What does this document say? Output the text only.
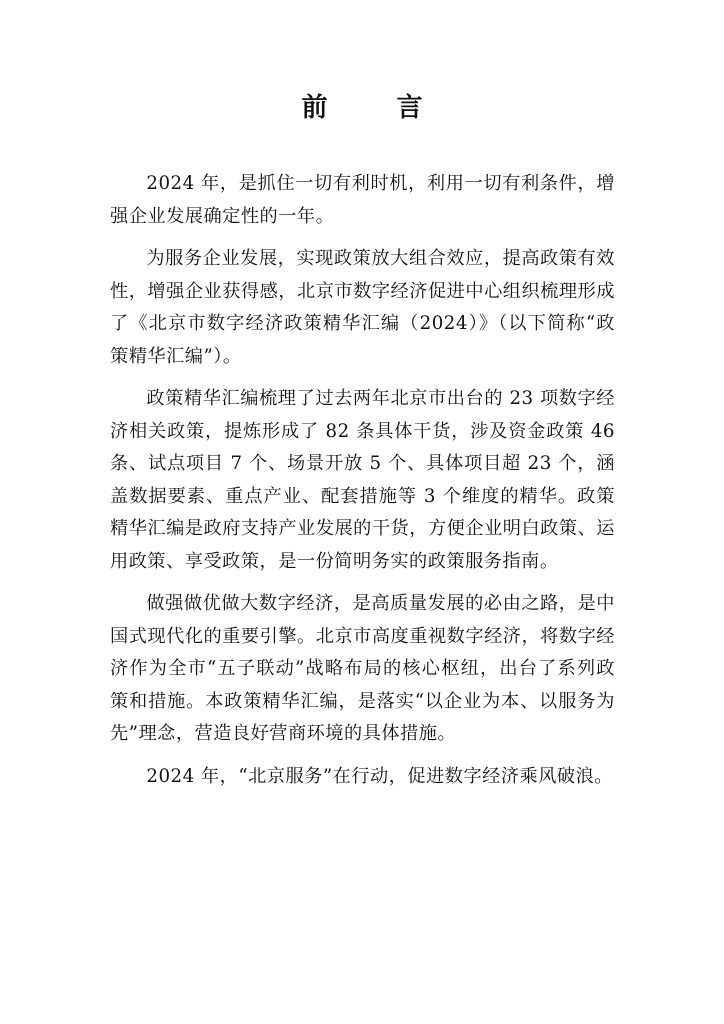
前 言

2024 年，是抓住一切有利时机，利用一切有利条件，增强企业发展确定性的一年。

为服务企业发展，实现政策放大组合效应，提高政策有效性，增强企业获得感，北京市数字经济促进中心组织梳理形成了《北京市数字经济政策精华汇编（2024）》（以下简称“政策精华汇编”）。

政策精华汇编梳理了过去两年北京市出台的 23 项数字经济相关政策，提炼形成了 82 条具体干货，涉及资金政策 46 条、试点项目 7 个、场景开放 5 个、具体项目超 23 个，涵盖数据要素、重点产业、配套措施等 3 个维度的精华。政策精华汇编是政府支持产业发展的干货，方便企业明白政策、运用政策、享受政策，是一份简明务实的政策服务指南。

做强做优做大数字经济，是高质量发展的必由之路，是中国式现代化的重要引擎。北京市高度重视数字经济，将数字经济作为全市“五子联动”战略布局的核心枢纽，出台了系列政策和措施。本政策精华汇编，是落实“以企业为本、以服务为先”理念，营造良好营商环境的具体措施。

2024 年，“北京服务”在行动，促进数字经济乘风破浪。
